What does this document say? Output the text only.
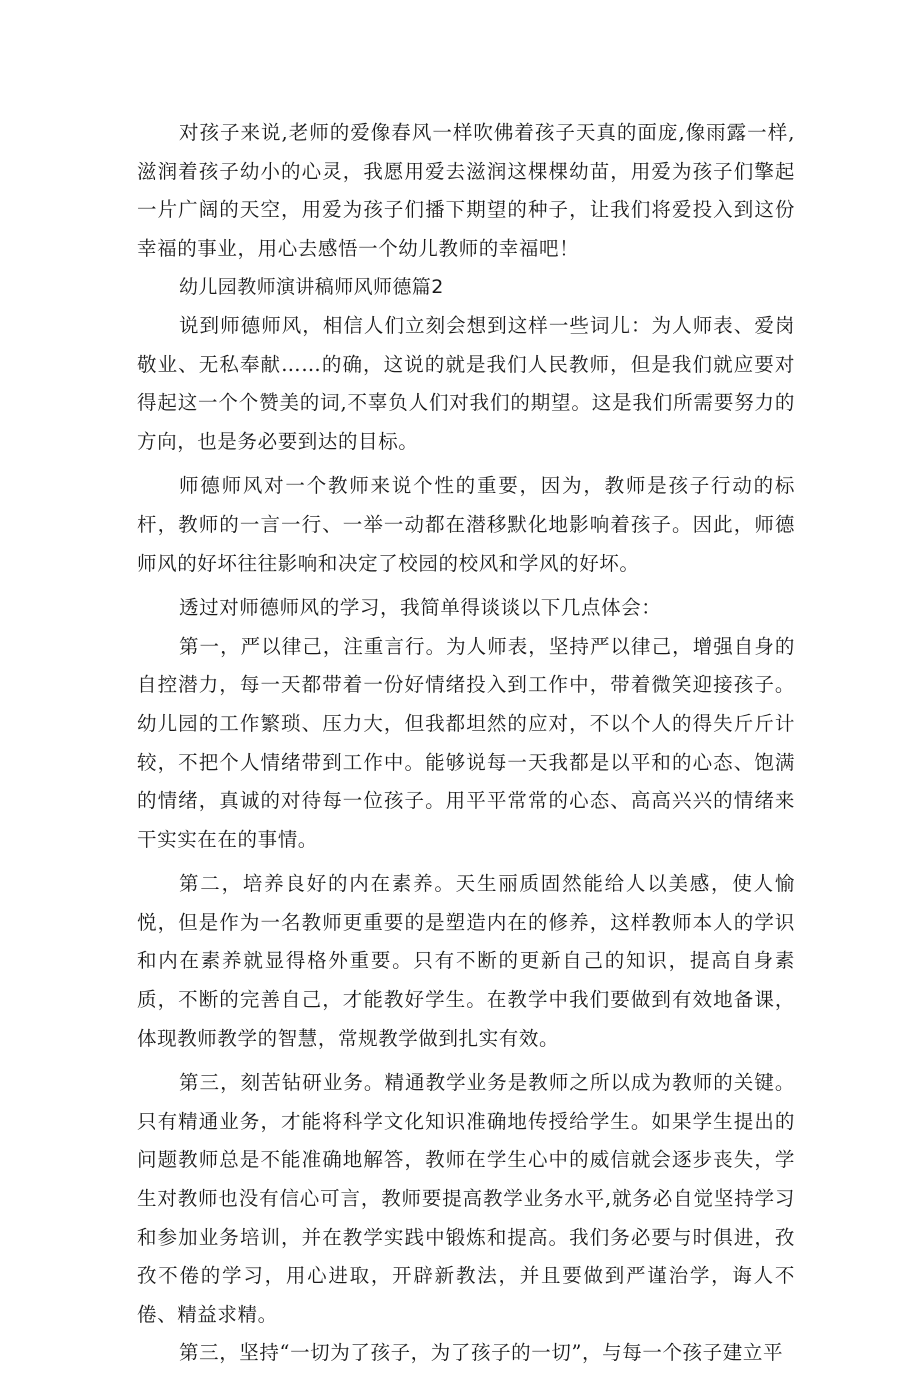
对孩子来说,老师的爱像春风一样吹佛着孩子天真的面庞,像雨露一样,滋润着孩子幼小的心灵，我愿用爱去滋润这棵棵幼苗，用爱为孩子们擎起一片广阔的天空，用爱为孩子们播下期望的种子，让我们将爱投入到这份幸福的事业，用心去感悟一个幼儿教师的幸福吧！

幼儿园教师演讲稿师风师德篇2

说到师德师风，相信人们立刻会想到这样一些词儿：为人师表、爱岗敬业、无私奉献……的确，这说的就是我们人民教师，但是我们就应要对得起这一个个赞美的词,不辜负人们对我们的期望。这是我们所需要努力的方向，也是务必要到达的目标。

师德师风对一个教师来说个性的重要，因为，教师是孩子行动的标杆，教师的一言一行、一举一动都在潜移默化地影响着孩子。因此，师德师风的好坏往往影响和决定了校园的校风和学风的好坏。

透过对师德师风的学习，我简单得谈谈以下几点体会：

第一，严以律己，注重言行。为人师表，坚持严以律己，增强自身的自控潜力，每一天都带着一份好情绪投入到工作中，带着微笑迎接孩子。幼儿园的工作繁琐、压力大，但我都坦然的应对，不以个人的得失斤斤计较，不把个人情绪带到工作中。能够说每一天我都是以平和的心态、饱满的情绪，真诚的对待每一位孩子。用平平常常的心态、高高兴兴的情绪来干实实在在的事情。

第二，培养良好的内在素养。天生丽质固然能给人以美感，使人愉悦，但是作为一名教师更重要的是塑造内在的修养，这样教师本人的学识和内在素养就显得格外重要。只有不断的更新自己的知识，提高自身素质，不断的完善自己，才能教好学生。在教学中我们要做到有效地备课，体现教师教学的智慧，常规教学做到扎实有效。

第三，刻苦钻研业务。精通教学业务是教师之所以成为教师的关键。只有精通业务，才能将科学文化知识准确地传授给学生。如果学生提出的问题教师总是不能准确地解答，教师在学生心中的威信就会逐步丧失，学生对教师也没有信心可言，教师要提高教学业务水平,就务必自觉坚持学习和参加业务培训，并在教学实践中锻炼和提高。我们务必要与时俱进，孜孜不倦的学习，用心进取，开辟新教法，并且要做到严谨治学，诲人不倦、精益求精。

第三，坚持“一切为了孩子，为了孩子的一切”，与每一个孩子建立平
